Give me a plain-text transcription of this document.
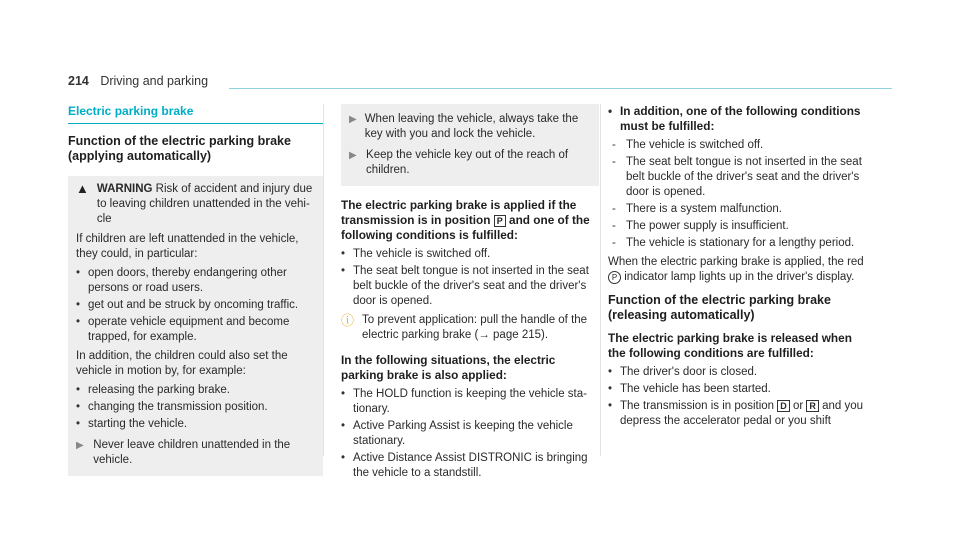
214 Driving and parking
Electric parking brake
Function of the electric parking brake (applying automatically)
▲ WARNING Risk of accident and injury due to leaving children unattended in the vehicle

If children are left unattended in the vehicle, they could, in particular:

• open doors, thereby endangering other persons or road users.
• get out and be struck by oncoming traffic.
• operate vehicle equipment and become trapped, for example.

In addition, the children could also set the vehicle in motion by, for example:

• releasing the parking brake.
• changing the transmission position.
• starting the vehicle.
▶ Never leave children unattended in the vehicle.
▶ When leaving the vehicle, always take the key with you and lock the vehicle.
▶ Keep the vehicle key out of the reach of children.

The electric parking brake is applied if the transmission is in position P and one of the following conditions is fulfilled:

• The vehicle is switched off.
• The seat belt tongue is not inserted in the seat belt buckle of the driver's seat and the driver's door is opened.
ⓘ To prevent application: pull the handle of the electric parking brake (→ page 215).

In the following situations, the electric parking brake is also applied:

• The HOLD function is keeping the vehicle stationary.
• Active Parking Assist is keeping the vehicle stationary.
• Active Distance Assist DISTRONIC is bringing the vehicle to a standstill.
• In addition, one of the following conditions must be fulfilled:
- The vehicle is switched off.
- The seat belt tongue is not inserted in the seat belt buckle of the driver's seat and the driver's door is opened.
- There is a system malfunction.
- The power supply is insufficient.
- The vehicle is stationary for a lengthy period.

When the electric parking brake is applied, the red P indicator lamp lights up in the driver's display.

Function of the electric parking brake (releasing automatically)

The electric parking brake is released when the following conditions are fulfilled:

• The driver's door is closed.
• The vehicle has been started.
• The transmission is in position D or R and you depress the accelerator pedal or you shift
